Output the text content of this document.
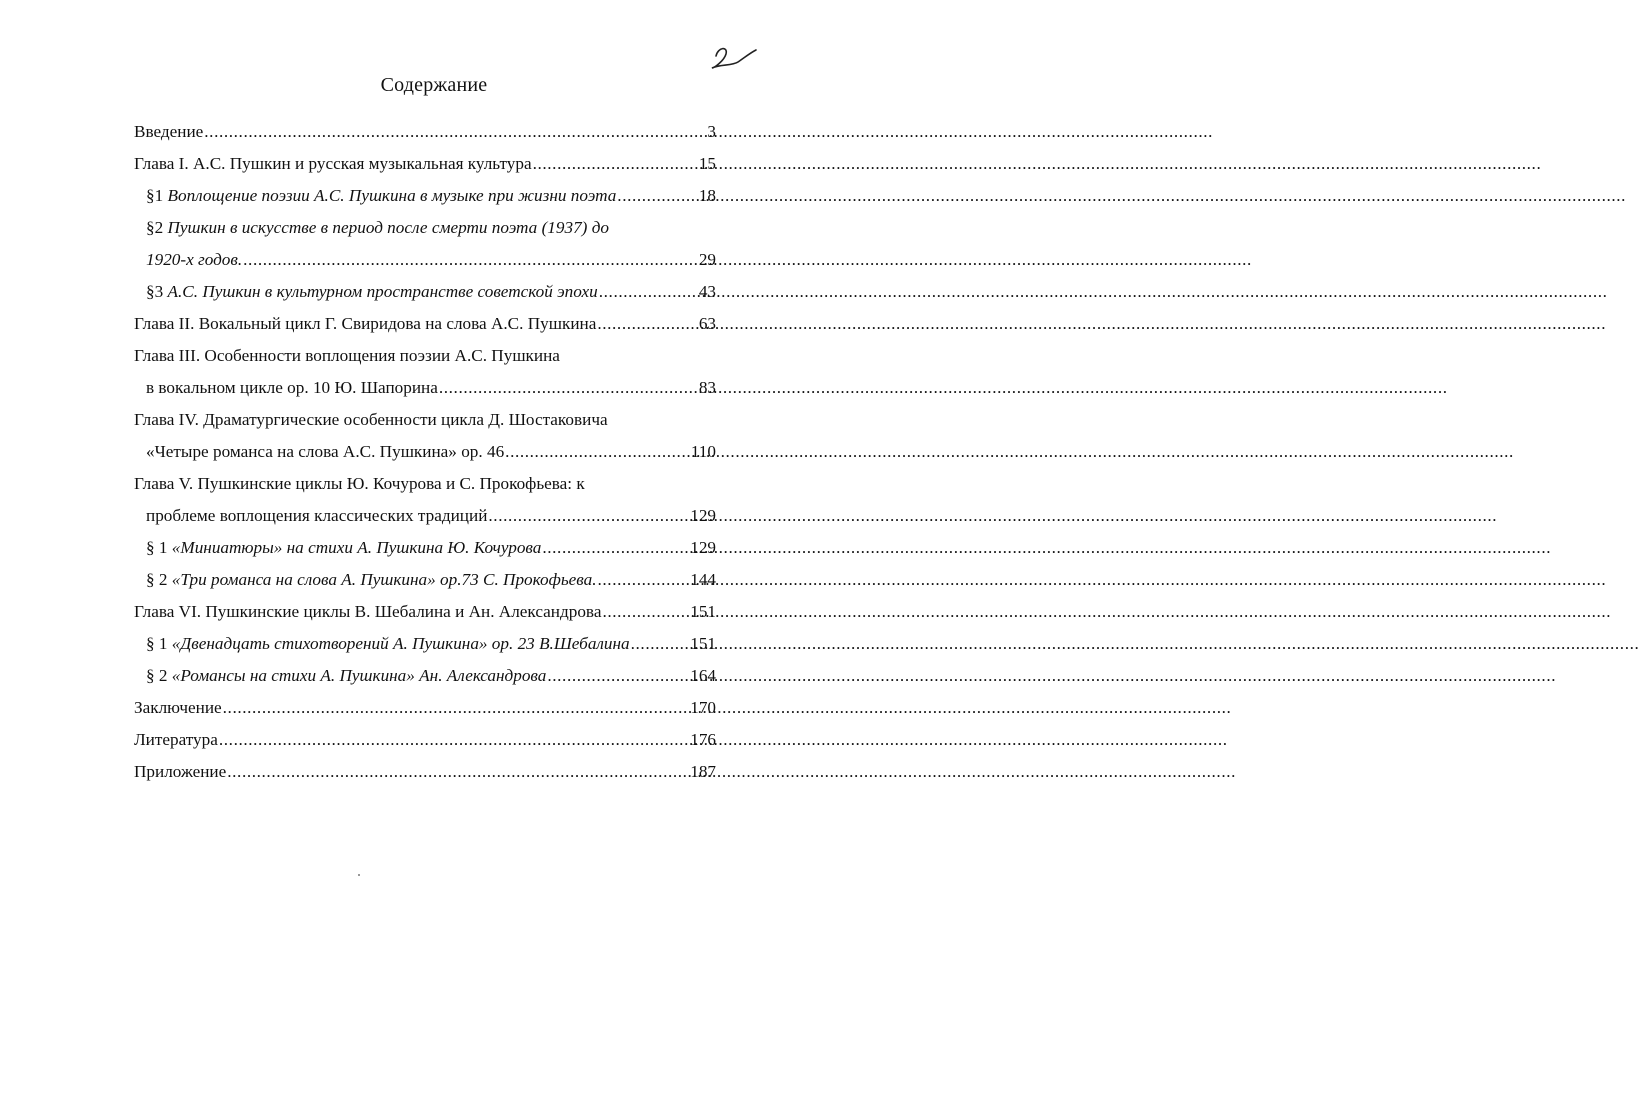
Содержание
Введение .....	3
Глава I. А.С. Пушкин и русская музыкальная культура .....	15
§1 Воплощение поэзии А.С. Пушкина в музыке при жизни поэта .....	18
§2 Пушкин в искусстве в период после смерти поэта (1937) до
1920-х годов. .....	29
§3 А.С. Пушкин в культурном пространстве советской эпохи .....	43
Глава II. Вокальный цикл Г. Свиридова на слова А.С. Пушкина .....	63
Глава III. Особенности воплощения поэзии А.С. Пушкина
в вокальном цикле op. 10 Ю. Шапорина .....	83
Глава IV. Драматургические особенности цикла Д. Шостаковича
«Четыре романса на слова А.С. Пушкина» op. 46 .....	110
Глава V. Пушкинские циклы Ю. Кочурова и С. Прокофьева: к
проблеме воплощения классических традиций .....	129
§ 1 «Миниатюры» на стихи А. Пушкина Ю. Кочурова .....	129
§ 2 «Три романса на слова А. Пушкина» ор.73 С. Прокофьева. .....	144
Глава VI. Пушкинские циклы В. Шебалина и Ан. Александрова .....	151
§ 1 «Двенадцать стихотворений А. Пушкина» ор. 23 В.Шебалина .....	151
§ 2 «Романсы на стихи А. Пушкина» Ан. Александрова .....	164
Заключение .....	170
Литература .....	176
Приложение .....	187
